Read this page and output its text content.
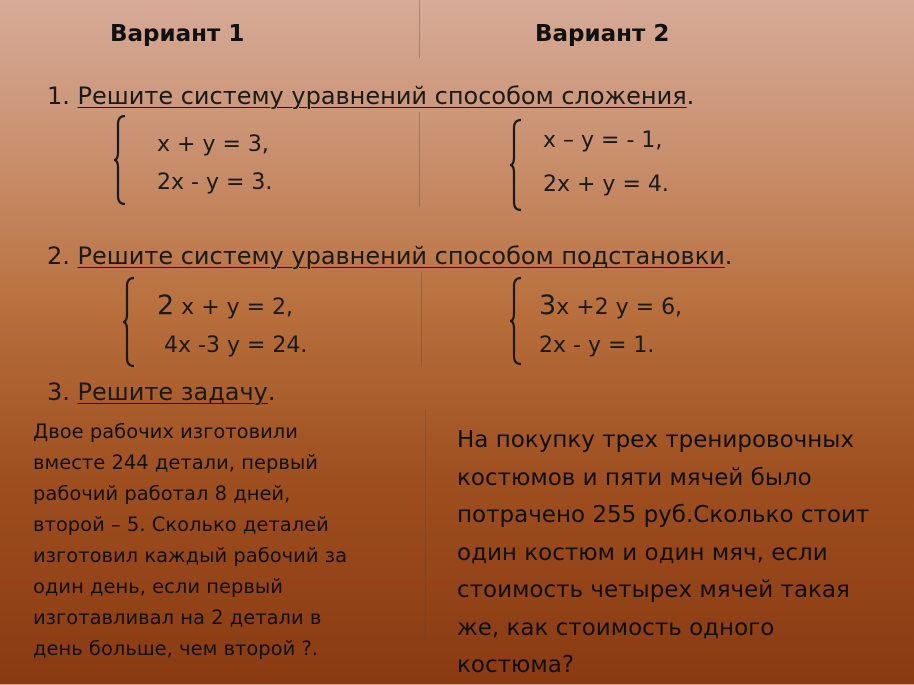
Вариант 1	Вариант 2
1. Решите систему уравнений способом сложения.
x + y = 3,
2x - y = 3.
x – y = - 1,
2x + y = 4.
2. Решите систему уравнений способом подстановки.
2 x + y = 2,
4x -3 y = 24.
3x +2 y = 6,
2x - y = 1.
3. Решите задачу.
Двое рабочих изготовили
вместе 244 детали, первый
рабочий работал 8 дней,
второй – 5. Сколько деталей
изготовил каждый рабочий за
один день, если первый
изготавливал на 2 детали в
день больше, чем второй ?.
На покупку трех тренировочных
костюмов и пяти мячей было
потрачено 255 руб.Сколько стоит
один костюм и один мяч, если
стоимость четырех мячей такая
же, как стоимость одного
костюма?
